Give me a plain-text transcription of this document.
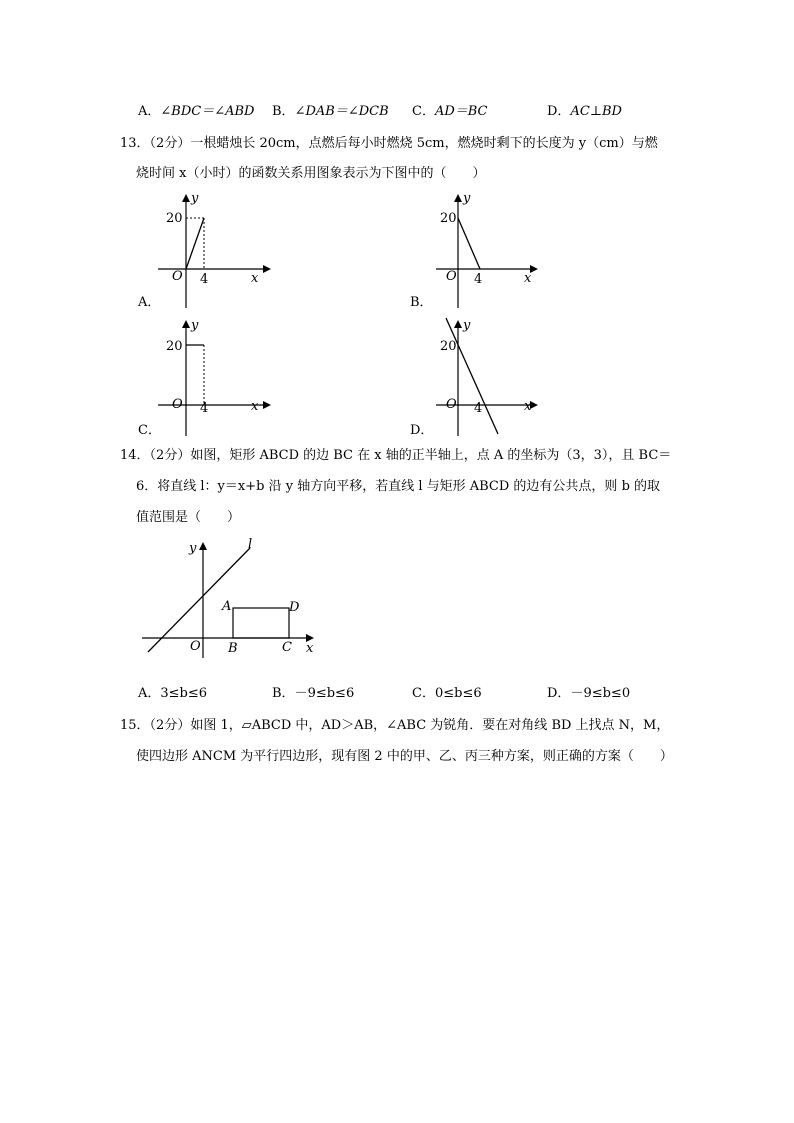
A．∠BDC＝∠ABD B．∠DAB＝∠DCB C．AD＝BC	D．AC⊥BD
13．（2分）一根蜡烛长 20cm，点燃后每小时燃烧 5cm，燃烧时剩下的长度为 y（cm）与燃
烧时间 x（小时）的函数关系用图象表示为下图中的（　　）
y
20
O 4	x
A．
y
20
O 4	x
B．
y
20
O 4	x
C．
y
20
O 4	x
D．
14．（2分）如图，矩形 ABCD 的边 BC 在 x 轴的正半轴上，点 A 的坐标为（3，3），且 BC＝
6．将直线 l：y＝x+b 沿 y 轴方向平移，若直线 l 与矩形 ABCD 的边有公共点，则 b 的取
值范围是（　　）
y	l
A	D
O B	C x
A．3≤b≤6	B．－9≤b≤6	C．0≤b≤6	D．－9≤b≤0
15．（2分）如图 1，▱ABCD 中，AD＞AB，∠ABC 为锐角．要在对角线 BD 上找点 N，M，
使四边形 ANCM 为平行四边形，现有图 2 中的甲、乙、丙三种方案，则正确的方案（　　）
